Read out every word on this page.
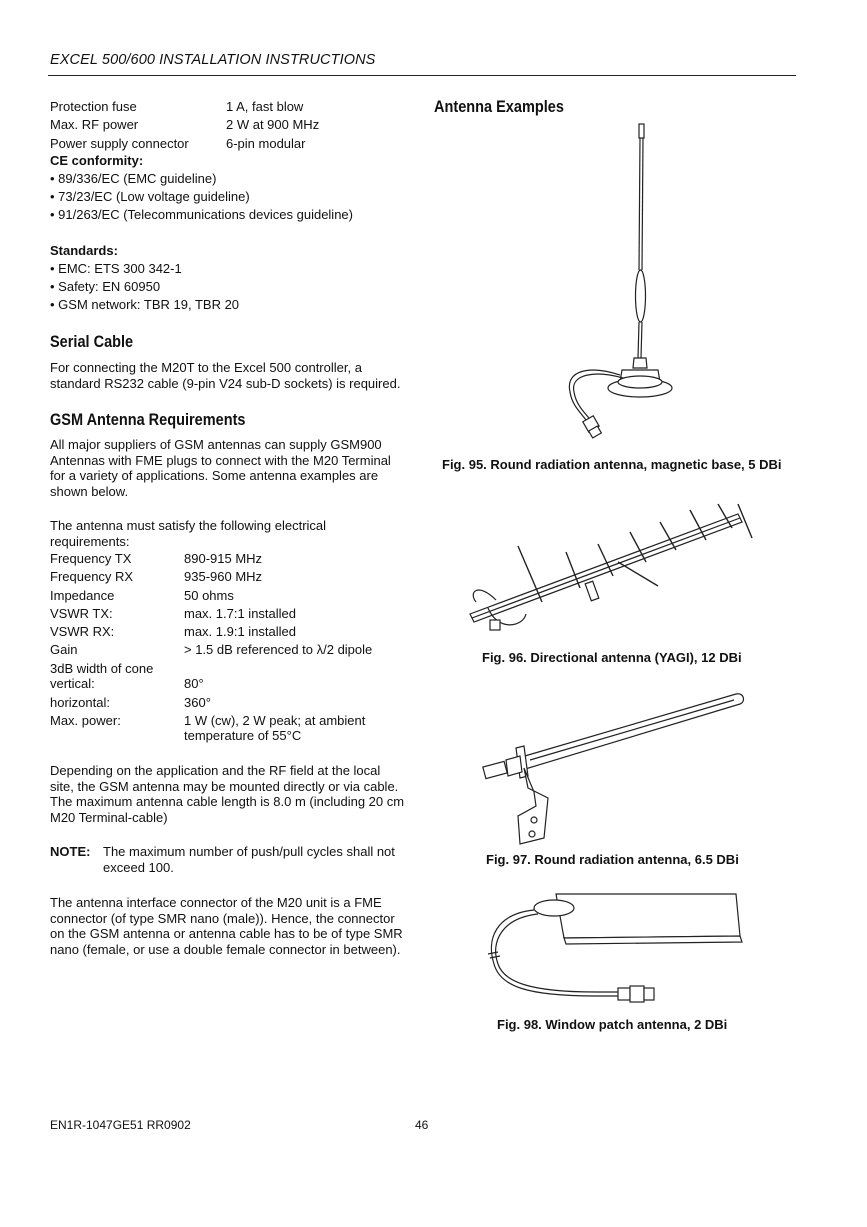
EXCEL 500/600 INSTALLATION INSTRUCTIONS
Protection fuse	1 A, fast blow
Max. RF power	2 W at 900 MHz
Power supply connector	6-pin modular
CE conformity:
• 89/336/EC (EMC guideline)
• 73/23/EC (Low voltage guideline)
• 91/263/EC (Telecommunications devices guideline)
Standards:
• EMC: ETS 300 342-1
• Safety: EN 60950
• GSM network: TBR 19, TBR 20
Serial Cable
For connecting the M20T to the Excel 500 controller, a
standard RS232 cable (9-pin V24 sub-D sockets) is required.
GSM Antenna Requirements
All major suppliers of GSM antennas can supply GSM900
Antennas with FME plugs to connect with the M20 Terminal
for a variety of applications. Some antenna examples are
shown below.
The antenna must satisfy the following electrical
requirements:
Frequency TX	890-915 MHz
Frequency RX	935-960 MHz
Impedance	50 ohms
VSWR TX:	max. 1.7:1 installed
VSWR RX:	max. 1.9:1 installed
Gain	> 1.5 dB referenced to λ/2 dipole
3dB width of cone
vertical:	80°
horizontal:	360°
Max. power:	1 W (cw), 2 W peak; at ambient
temperature of 55°C
Depending on the application and the RF field at the local
site, the GSM antenna may be mounted directly or via cable.
The maximum antenna cable length is 8.0 m (including 20 cm
M20 Terminal-cable)
NOTE: The maximum number of push/pull cycles shall not
exceed 100.
The antenna interface connector of the M20 unit is a FME
connector (of type SMR nano (male)). Hence, the connector
on the GSM antenna or antenna cable has to be of type SMR
nano (female, or use a double female connector in between).
Antenna Examples
Fig. 95. Round radiation antenna, magnetic base, 5 DBi
Fig. 96. Directional antenna (YAGI), 12 DBi
Fig. 97. Round radiation antenna, 6.5 DBi
Fig. 98. Window patch antenna, 2 DBi
EN1R-1047GE51 RR0902	46
